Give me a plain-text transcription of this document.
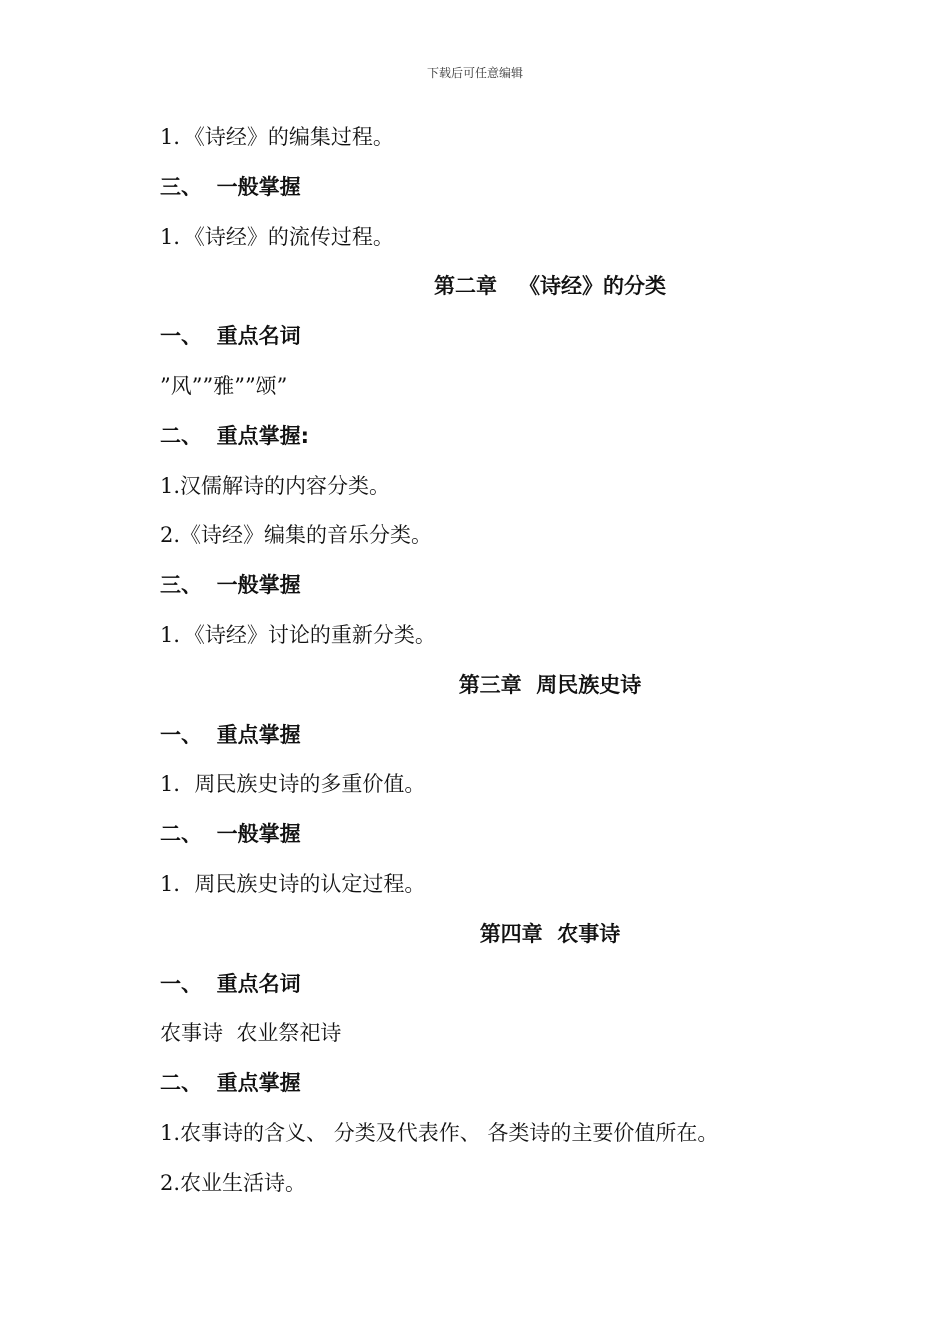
下载后可任意编辑
1．《诗经》的编集过程。
三、  一般掌握
1．《诗经》的流传过程。
第二章   《诗经》的分类
一、  重点名词
”风””雅””颂”
二、  重点掌握:
1.汉儒解诗的内容分类。
2.《诗经》编集的音乐分类。
三、  一般掌握
1．《诗经》讨论的重新分类。
第三章  周民族史诗
一、  重点掌握
1．周民族史诗的多重价值。
二、  一般掌握
1．周民族史诗的认定过程。
第四章  农事诗
一、  重点名词
农事诗  农业祭祀诗
二、  重点掌握
1.农事诗的含义、 分类及代表作、 各类诗的主要价值所在。
2.农业生活诗。
